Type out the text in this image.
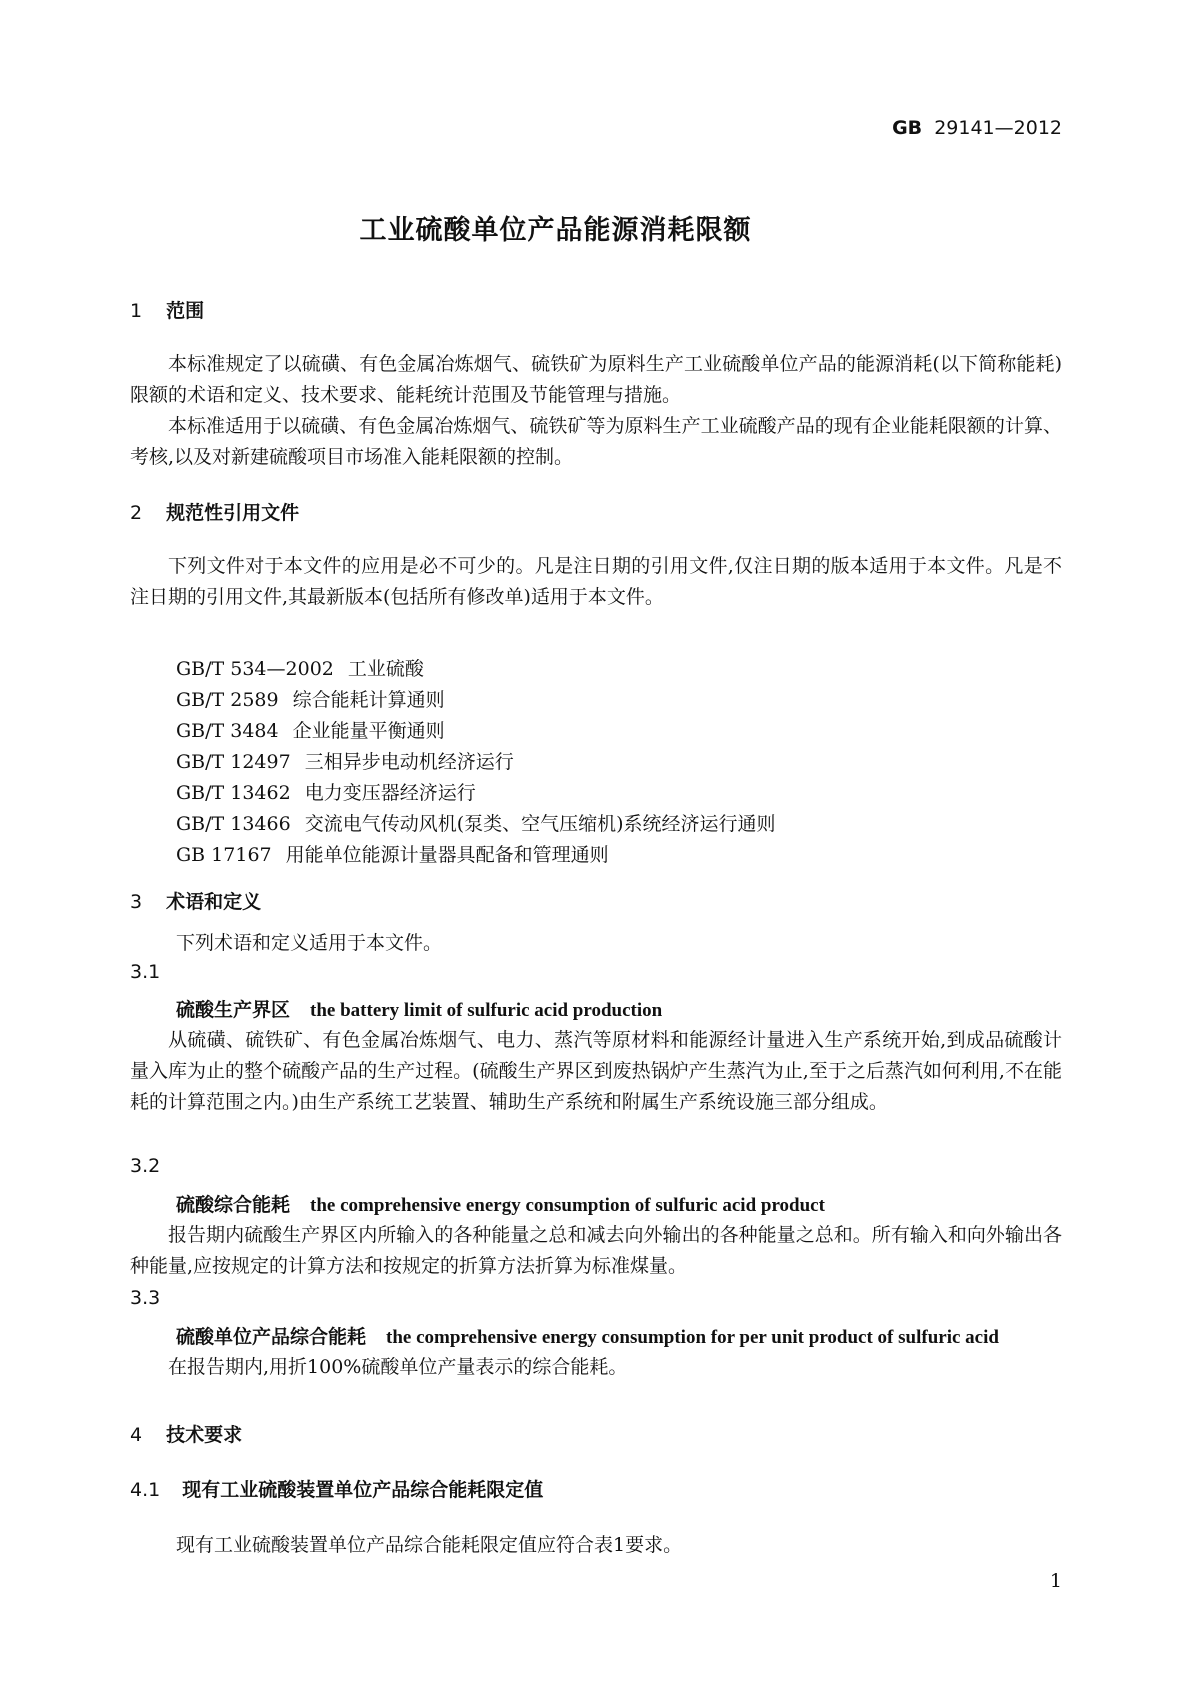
GB 29141—2012
工业硫酸单位产品能源消耗限额
1 范围
本标准规定了以硫磺、有色金属冶炼烟气、硫铁矿为原料生产工业硫酸单位产品的能源消耗(以下简称能耗)限额的术语和定义、技术要求、能耗统计范围及节能管理与措施。
本标准适用于以硫磺、有色金属冶炼烟气、硫铁矿等为原料生产工业硫酸产品的现有企业能耗限额的计算、考核,以及对新建硫酸项目市场准入能耗限额的控制。
2 规范性引用文件
下列文件对于本文件的应用是必不可少的。凡是注日期的引用文件,仅注日期的版本适用于本文件。凡是不注日期的引用文件,其最新版本(包括所有修改单)适用于本文件。
GB/T 534—2002 工业硫酸
GB/T 2589 综合能耗计算通则
GB/T 3484 企业能量平衡通则
GB/T 12497 三相异步电动机经济运行
GB/T 13462 电力变压器经济运行
GB/T 13466 交流电气传动风机(泵类、空气压缩机)系统经济运行通则
GB 17167 用能单位能源计量器具配备和管理通则
3 术语和定义
下列术语和定义适用于本文件。
3.1
硫酸生产界区 the battery limit of sulfuric acid production
从硫磺、硫铁矿、有色金属冶炼烟气、电力、蒸汽等原材料和能源经计量进入生产系统开始,到成品硫酸计量入库为止的整个硫酸产品的生产过程。(硫酸生产界区到废热锅炉产生蒸汽为止,至于之后蒸汽如何利用,不在能耗的计算范围之内。)由生产系统工艺装置、辅助生产系统和附属生产系统设施三部分组成。
3.2
硫酸综合能耗 the comprehensive energy consumption of sulfuric acid product
报告期内硫酸生产界区内所输入的各种能量之总和减去向外输出的各种能量之总和。所有输入和向外输出各种能量,应按规定的计算方法和按规定的折算方法折算为标准煤量。
3.3
硫酸单位产品综合能耗 the comprehensive energy consumption for per unit product of sulfuric acid
在报告期内,用折100%硫酸单位产量表示的综合能耗。
4 技术要求
4.1 现有工业硫酸装置单位产品综合能耗限定值
现有工业硫酸装置单位产品综合能耗限定值应符合表1要求。
1
